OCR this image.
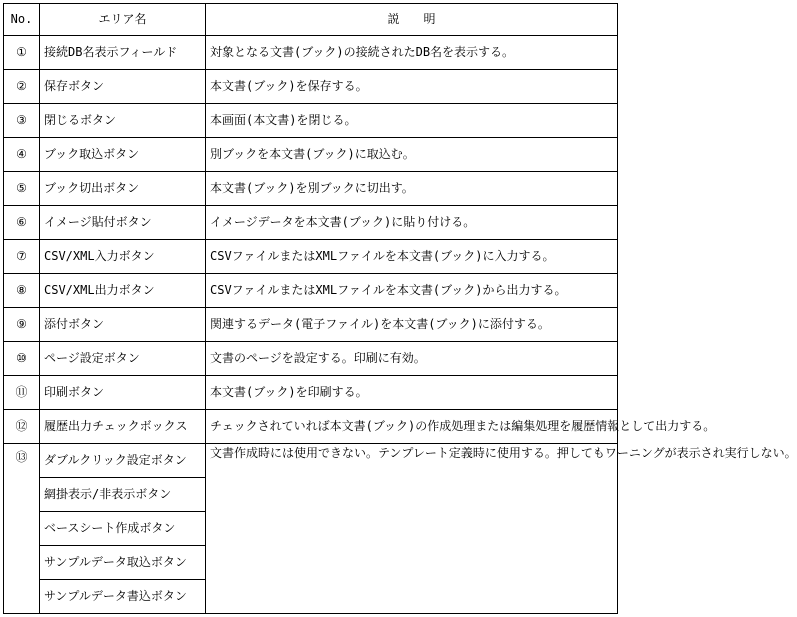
No.	エリア名	説明
①	接続DB名表示フィールド	対象となる文書(ブック)の接続されたDB名を表示する。
②	保存ボタン	本文書(ブック)を保存する。
③	閉じるボタン	本画面(本文書)を閉じる。
④	ブック取込ボタン	別ブックを本文書(ブック)に取込む。
⑤	ブック切出ボタン	本文書(ブック)を別ブックに切出す。
⑥	イメージ貼付ボタン	イメージデータを本文書(ブック)に貼り付ける。
⑦	CSV/XML入力ボタン	CSVファイルまたはXMLファイルを本文書(ブック)に入力する。
⑧	CSV/XML出力ボタン	CSVファイルまたはXMLファイルを本文書(ブック)から出力する。
⑨	添付ボタン	関連するデータ(電子ファイル)を本文書(ブック)に添付する。
⑩	ページ設定ボタン	文書のページを設定する。印刷に有効。
⑪	印刷ボタン	本文書(ブック)を印刷する。
⑫	履歴出力チェックボックス	チェックされていれば本文書(ブック)の作成処理または編集処理を履歴情報として出力する。
⑬	ダブルクリック設定ボタン	文書作成時には使用できない。テンプレート定義時に使用する。押してもワーニングが表示され実行しない。
	網掛表示/非表示ボタン	
	ベースシート作成ボタン	
	サンプルデータ取込ボタン	
	サンプルデータ書込ボタン	
